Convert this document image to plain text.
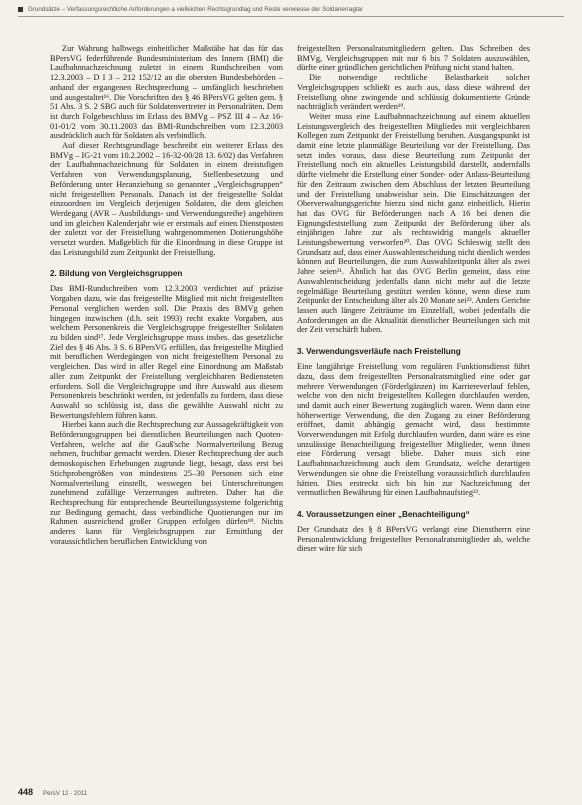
Grundsätze – Verfassungsrechtliche Anforderungen a vielleichen Rechtsgrundlag und Reste verwiesse der Soldanerragtar

Zur Wahrung halbwegs einheitlicher Maßstäbe hat das für das BPersVG federführende Bundesministerium des Innern (BMI) die Laufbahnnachzeichnung zuletzt in einem Rundschreiben vom 12.3.2003 – D I 3 – 212 152/12 an die obersten Bundesbehörden – anhand der ergangenen Rechtsprechung – umfänglich beschrieben und ausgestaltet¹⁶. Die Vorschriften des § 46 BPersVG gelten gem. § 51 Abs. 3 S. 2 SBG auch für Soldatenvertreter in Personalräten. Dem ist durch Folgebeschluss im Erlass des BMVg – PSZ III 4 – Az 16-01-01/2 vom 30.11.2003 das BMI-Rundschreiben vom 12.3.2003 ausdrücklich auch für Soldaten als verbindlich.

Auf dieser Rechtsgrundlage beschreibt ein weiterer Erlass des BMVg – IG-21 vom 10.2.2002 – 16-32-00/28 13. 6/02) das Verfahren der Laufbahnnachzeichnung für Soldaten in einem dreistufigen Verfahren von Verwendungsplanung, Stellenbesetzung und Beförderung unter Heranziehung so genannter „Vergleichsgruppen“ nicht freigestellten Personals. Danach ist der freigestellte Soldat einzuordnen im Vergleich derjenigen Soldaten, die dem gleichen Werdegang (AVR – Ausbildungs- und Verwendungsreihe) angehören und im gleichen Kalenderjahr wie er erstmals auf einen Dienstposten der zuletzt vor der Freistellung wahrgenommenen Dotierungshöhe versetzt wurden. Maßgeblich für die Einordnung in diese Gruppe ist das Leistungsbild zum Zeitpunkt der Freistellung.

2. Bildung von Vergleichsgruppen

Das BMI-Rundschreiben vom 12.3.2003 verdichtet auf präzise Vorgaben dazu, wie das freigestellte Mitglied mit nicht freigestellten Personal verglichen werden soll. Die Praxis des BMVg gehen hingegen inzwischen (d.h. seit 1993) recht exakte Vorgaben, aus welchem Personenkreis die Vergleichsgruppe freigestellter Soldaten zu bilden sind¹⁷. Jede Vergleichsgruppe muss insbes. das gesetzliche Ziel des § 46 Abs. 3 S. 6 BPersVG erfüllen, das freigestellte Mitglied mit beruflichen Werdegängen von nicht freigestelltem Personal zu vergleichen. Das wird in aller Regel eine Einordnung am Maßstab aller zum Zeitpunkt der Freistellung vergleichbaren Bediensteten erfordern. Soll die Vergleichsgruppe und ihre Auswahl aus diesem Personenkreis beschränkt werden, ist jedenfalls zu fordern, dass diese Auswahl so schlüssig ist, dass die gewählte Auswahl nicht zu Bewertungsfehlern führen kann.

Hierbei kann auch die Rechtsprechung zur Aussagekräftigkeit von Beförderungsgruppen bei dienstlichen Beurteilungen nach Quoten-Verfahren, welche auf die Gauß'sche Normalverteilung Bezug nehmen, fruchtbar gemacht werden. Dieser Rechtsprechung der auch demoskopischen Erhebungen zugrunde liegt, besagt, dass erst bei Stichprobengrößen von mindestens 25–30 Personen sich eine Normalverteilung einstellt, weswegen bei Unterschreitungen zunehmend zufällige Verzerrungen auftreten. Daher hat die Rechtsprechung für entsprechende Beurteilungssysteme folgerichtig zur Bedingung gemacht, dass verbindliche Quotierungen nur im Rahmen ausreichend großer Gruppen erfolgen dürfen¹⁸. Nichts anderes kann für Vergleichsgruppen zur Ermittlung der voraussichtlichen beruflichen Entwicklung von

freigestellten Personalratsmitgliedern gelten. Das Schreiben des BMVg, Vergleichsgruppen mit nur 6 bis 7 Soldaten auszuwählen, dürfte einer gründlichen gerichtlichen Prüfung nicht stand halten.

Die notwendige rechtliche Belastbarkeit solcher Vergleichsgruppen schließt es auch aus, dass diese während der Freistellung ohne zwingende und schlüssig dokumentierte Gründe nachträglich verändert werden¹⁹.

Weiter muss eine Laufbahnnachzeichnung auf einem aktuellen Leistungsvergleich des freigestellten Mitgliedes mit vergleichbaren Kollegen zum Zeitpunkt der Freistellung beruhen. Ausgangspunkt ist damit eine letzte planmäßige Beurteilung vor der Freistellung. Das setzt indes voraus, dass diese Beurteilung zum Zeitpunkt der Freistellung noch ein aktuelles Leistungsbild darstellt, andernfalls dürfte vielmehr die Erstellung einer Sonder- oder Anlass-Beurteilung für den Zeitraum zwischen dem Abschluss der letzten Beurteilung und der Freistellung unabweisbar sein. Die Einschätzungen der Oberverwaltungsgerichte hierzu sind nicht ganz einheitlich. Hierin hat das OVG für Beförderungen nach A 16 bei denen die Eignungsfeststellung zum Zeitpunkt der Beförderung über als einjährigen Jahre zur als rechtswidrig mangels aktueller Leistungsbewertung verworfen²⁰. Das OVG Schleswig stellt den Grundsatz auf, dass einer Auswahlentscheidung nicht dienlich werden können auf Beurteilungen, die zum Auswahlzeitpunkt älter als zwei Jahre seien²¹. Ähnlich hat das OVG Berlin gemeint, dass eine Auswahlentscheidung jedenfalls dann nicht mehr auf die letzte regelmäßige Beurteilung gestützt werden könne, wenn diese zum Zeitpunkt der Entscheidung älter als 20 Monate sei²². Anders Gerichte lassen auch längere Zeiträume im Einzelfall, wobei jedenfalls die Anforderungen an die Aktualität dienstlicher Beurteilungen sich mit der Zeit verschärft haben.

3. Verwendungsverläufe nach Freistellung

Eine langjährige Freistellung vom regulären Funktionsdienst führt dazu, dass dem freigestellten Personalratsmitglied eine oder gar mehrere Verwendungen (Förderlgänzen) im Karriereverlauf fehlen, welche von den nicht freigestellten Kollegen durchlaufen werden, und damit auch einer Bewertung zugänglich waren. Wenn dann eine höherwertige Verwendung, die den Zugang zu einer Beförderung eröffnet, damit abhängig gemacht wird, dass bestimmte Vorverwendungen mit Erfolg durchlaufen wurden, dann wäre es eine unzulässige Benachteiligung freigestellter Mitglieder, wenn ihnen eine Förderung versagt bliebe. Daher muss sich eine Laufbahnnachzeichnung auch dem Grundsatz, welche derartigen Verwendungen sie ohne die Freistellung voraussichtlich durchlaufen hätten. Dies erstreckt sich bis hin zur Nachzeichnung der vermutlichen Bewährung für einen Laufbahnaufstieg²³.

4. Voraussetzungen einer „Benachteiligung“

Der Grundsatz des § 8 BPersVG verlangt eine Dienstherrn eine Personalentwicklung freigestellter Personalratsmitglieder ab, welche dieser wäre für sich

448 PersV 12 · 2011
